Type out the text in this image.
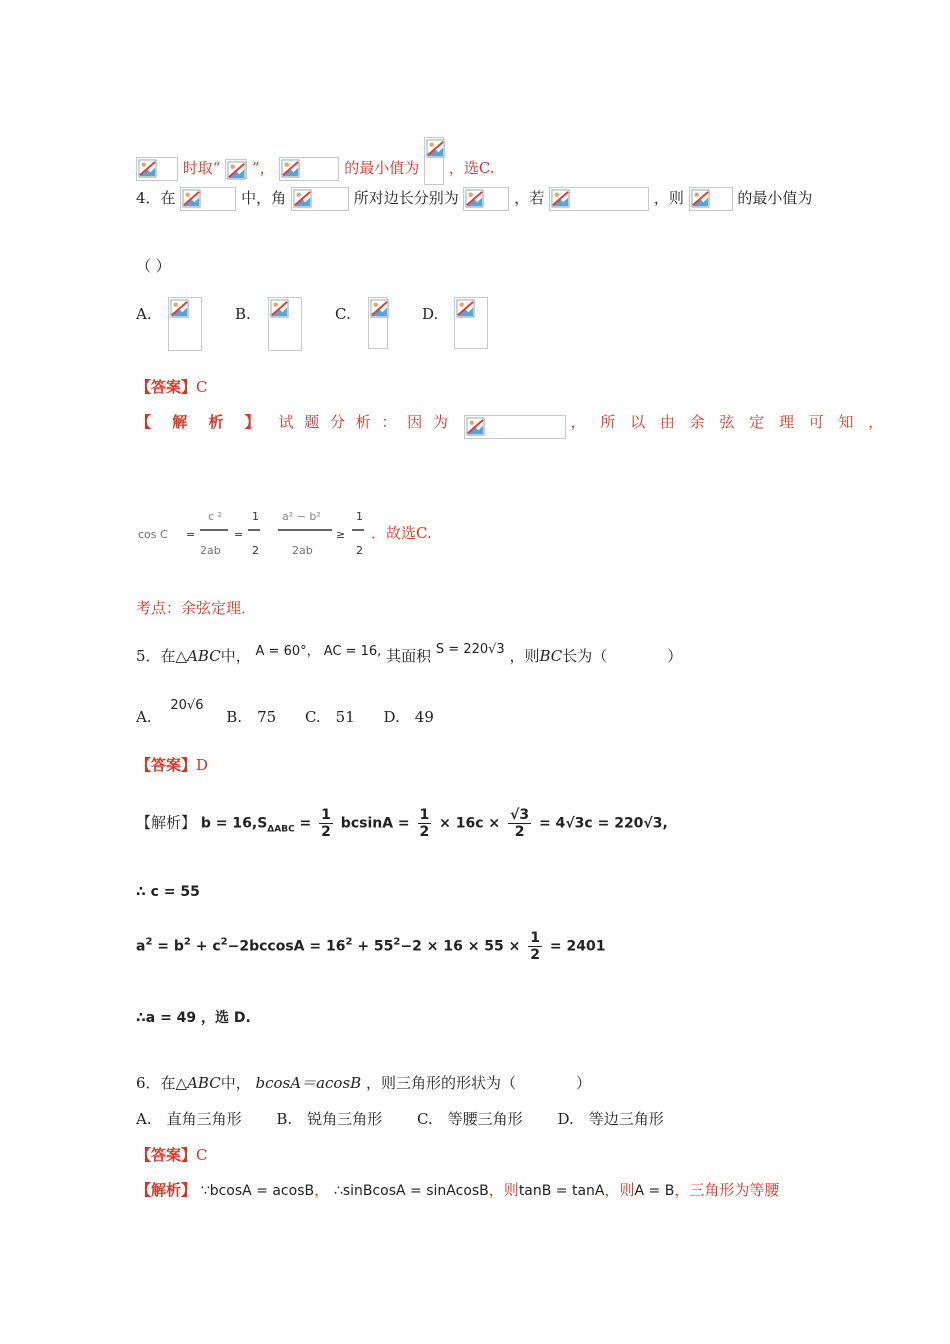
时取“ ”，	的最小值为 ，选C.
4．在	中，角	所对边长分别为	，若	，则	的最小值为
（ ）
A.	B.	C.	D.
【答案】C
【 解 析 】 试 题 分 析 ： 因 为	， 所 以 由 余 弦 定 理 可 知 ，
cos C =
c ²
2ab
=
1
2
a² − b²
2ab
≥
1
2
．故选C.
考点：余弦定理．
5．在△ABC中， A = 60°， AC = 16, 其面积 S = 220√3 ，则BC长为（　　　　）
A. 20√6 B.　75 C.　51 D.　49
【答案】D
【解析】 $b = 16,S_{\Delta ABC} = \frac{1}{2}$ $bcsinA = \frac{1}{2} \times 16c \times \frac{√3}{2} = 4√3c = 220√3$,
∴ c = 55
$a^2 = b^2 + c^2-2bccosA = 16^2 + 55^2-2 \times 16 \times 55 \times \frac{1}{2} = 2401$
∴a = 49 ，选 D.
6．在△ABC中， bcosA＝acosB ，则三角形的形状为（　　　　）
A.　直角三角形 B.　锐角三角形 C.　等腰三角形 D.　等边三角形
【答案】C
【解析】 ∵bcosA = acosB， ∴sinBcosA = sinAcosB，则tanB = tanA，则A = B，三角形为等腰
